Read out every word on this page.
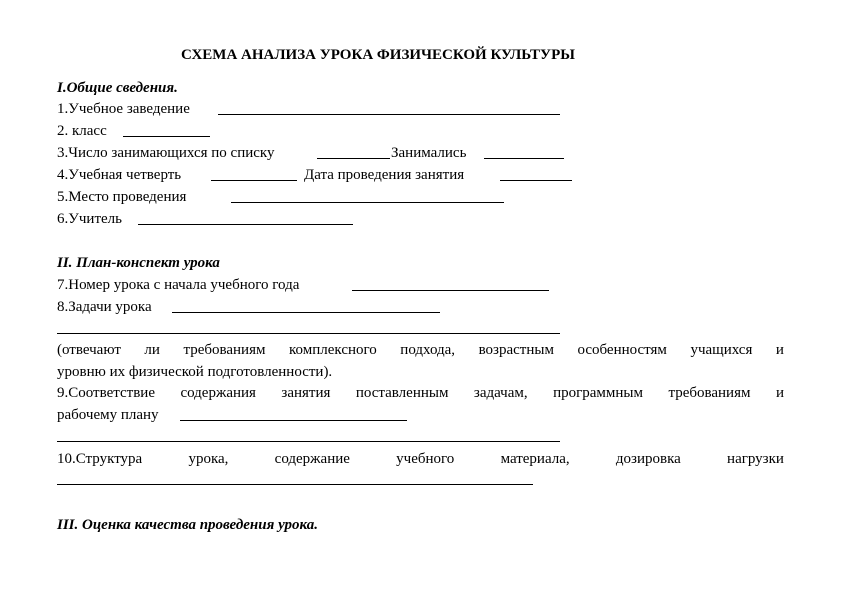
СХЕМА АНАЛИЗА УРОКА ФИЗИЧЕСКОЙ КУЛЬТУРЫ
I.Общие сведения.
1.Учебное заведение
2. класс
3.Число занимающихся по списку	Занимались
4.Учебная четверть	Дата проведения занятия
5.Место проведения
6.Учитель
II. План-конспект урока
7.Номер урока с начала учебного года
8.Задачи урока
(отвечают ли требованиям комплексного подхода, возрастным особенностям учащихся и
уровню их физической подготовленности).
9.Соответствие содержания занятия поставленным задачам, программным требованиям и
рабочему плану
10.Структура	урока,	содержание	учебного	материала,	дозировка	нагрузки
III. Оценка качества проведения урока.
